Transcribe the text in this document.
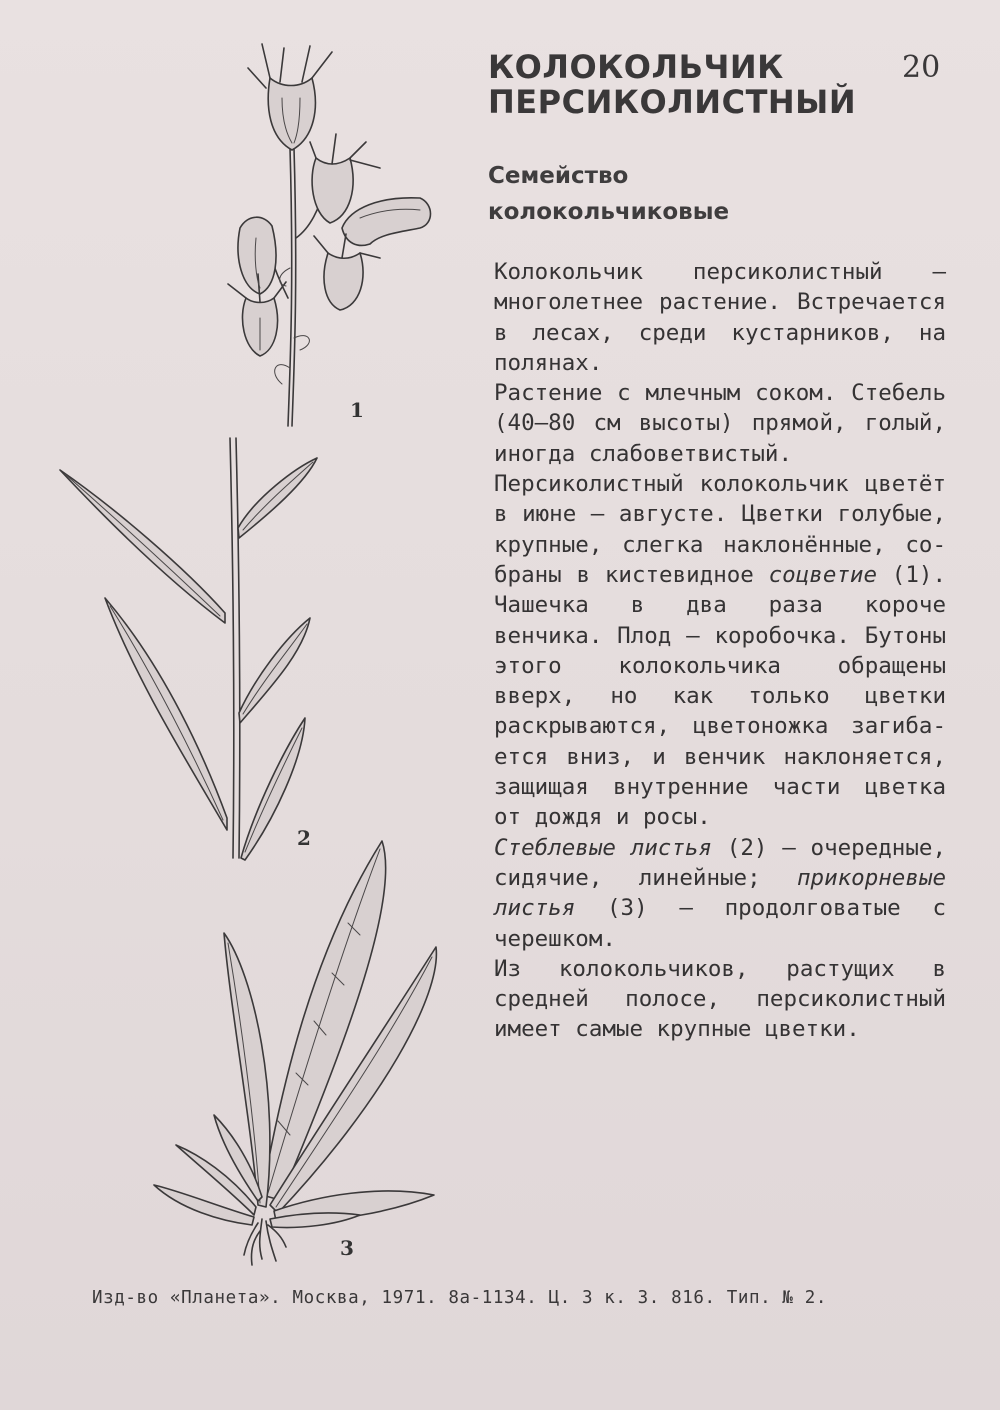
1
2
3
КОЛОКОЛЬЧИК
ПЕРСИКОЛИСТНЫЙ
20
Семейство
колокольчиковые

Колокольчик персиколистный — многолетнее растение. Встречается в лесах, среди кустарников, на полянах.

Растение с млечным соком. Стебель (40—80 см высоты) прямой, голый, иногда слабоветвистый.

Персиколистный колокольчик цветёт в июне — августе. Цветки голубые, крупные, слегка наклонённые, собраны в кистевидное соцветие (1). Чашечка в два раза короче венчика. Плод — коробочка. Бутоны этого колокольчика обращены вверх, но как только цветки раскрываются, цветоножка загибается вниз, и венчик наклоняется, защищая внутренние части цветка от дождя и росы.

Стеблевые листья (2) — очередные, сидячие, линейные; прикорневые листья (3) — продолговатые с черешком.

Из колокольчиков, растущих в средней полосе, персиколистный имеет самые крупные цветки.

Изд-во «Планета». Москва, 1971. 8а-1134. Ц. 3 к. З. 816. Тип. № 2.
